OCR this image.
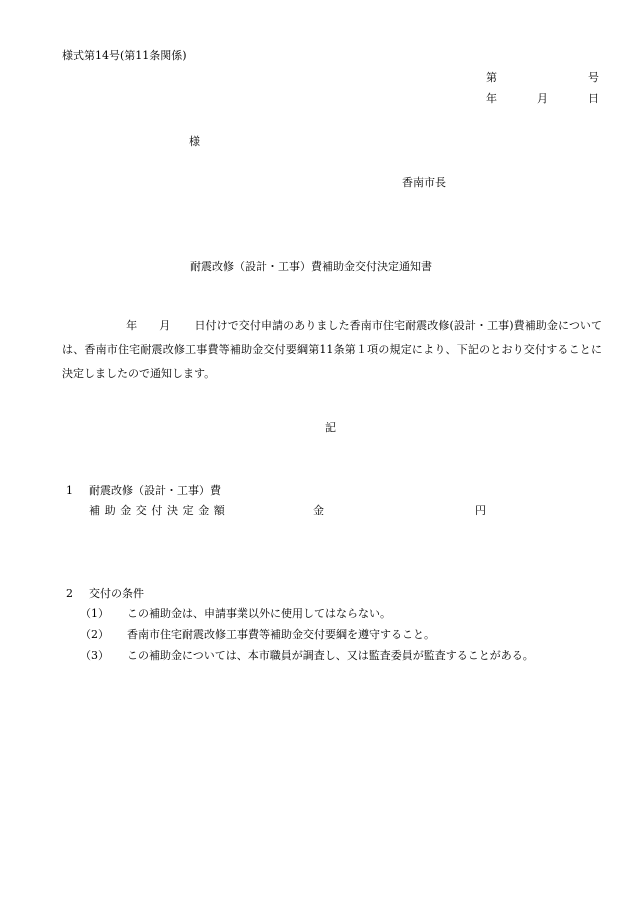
様式第14号(第11条関係)
第	号
年	月	日
様
香南市長
耐震改修（設計・工事）費補助金交付決定通知書
年 月 日付けで交付申請のありました香南市住宅耐震改修(設計・工事)費補助金については、香南市住宅耐震改修工事費等補助金交付要綱第11条第１項の規定により、下記のとおり交付することに決定しましたので通知します。
記
1 耐震改修（設計・工事）費
補助金交付決定金額	金	円
2 交付の条件
（1） この補助金は、申請事業以外に使用してはならない。
（2） 香南市住宅耐震改修工事費等補助金交付要綱を遵守すること。
（3） この補助金については、本市職員が調査し、又は監査委員が監査することがある。
